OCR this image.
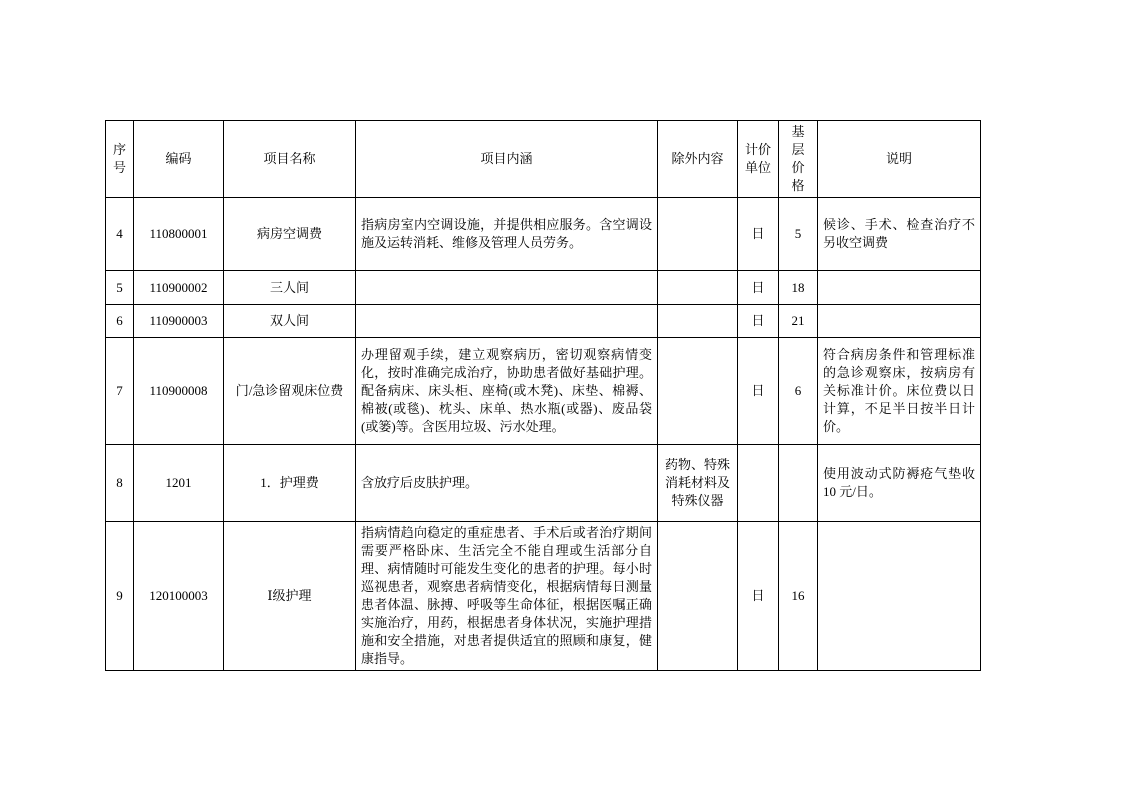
序号	编码	项目名称	项目内涵	除外内容	计价单位	基层价格	说明
4	110800001	病房空调费	指病房室内空调设施，并提供相应服务。含空调设施及运转消耗、维修及管理人员劳务。		日	5	候诊、手术、检查治疗不另收空调费
5	110900002	三人间			日	18	
6	110900003	双人间			日	21	
7	110900008	门/急诊留观床位费	办理留观手续，建立观察病历，密切观察病情变化，按时准确完成治疗，协助患者做好基础护理。配备病床、床头柜、座椅(或木凳)、床垫、棉褥、棉被(或毯)、枕头、床单、热水瓶(或器)、废品袋(或篓)等。含医用垃圾、污水处理。		日	6	符合病房条件和管理标准的急诊观察床，按病房有关标准计价。床位费以日计算，不足半日按半日计价。
8	1201	1．护理费	含放疗后皮肤护理。	药物、特殊消耗材料及特殊仪器			使用波动式防褥疮气垫收 10 元/日。
9	120100003	Ⅰ级护理	指病情趋向稳定的重症患者、手术后或者治疗期间需要严格卧床、生活完全不能自理或生活部分自理、病情随时可能发生变化的患者的护理。每小时巡视患者，观察患者病情变化，根据病情每日测量患者体温、脉搏、呼吸等生命体征，根据医嘱正确实施治疗，用药，根据患者身体状况，实施护理措施和安全措施，对患者提供适宜的照顾和康复，健康指导。		日	16	
